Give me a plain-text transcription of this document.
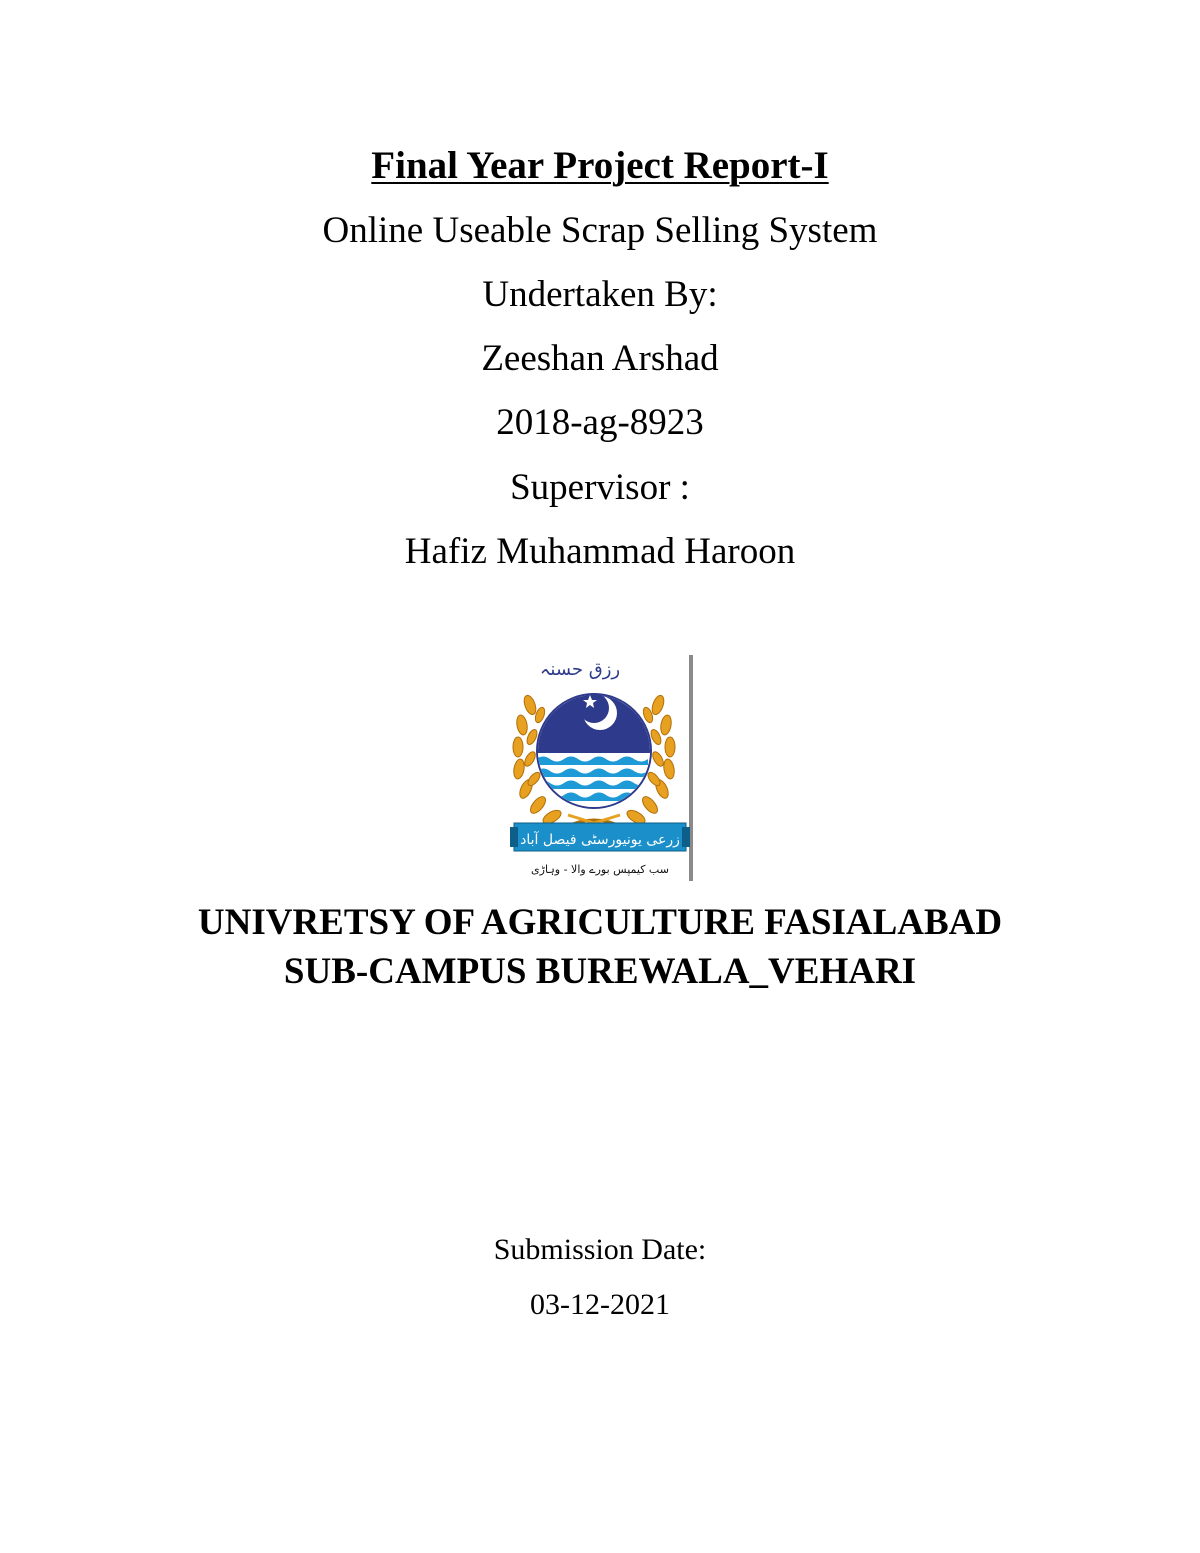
Final Year Project Report-I
Online Useable Scrap Selling System
Undertaken By:
Zeeshan Arshad
2018-ag-8923
Supervisor :
Hafiz Muhammad Haroon
رزق حسنہ
زرعی یونیورسٹی فیصل آباد
سب کیمپس بورے والا - وہاڑی
UNIVRETSY OF AGRICULTURE FASIALABAD
SUB-CAMPUS BUREWALA_VEHARI
Submission Date:
03-12-2021
